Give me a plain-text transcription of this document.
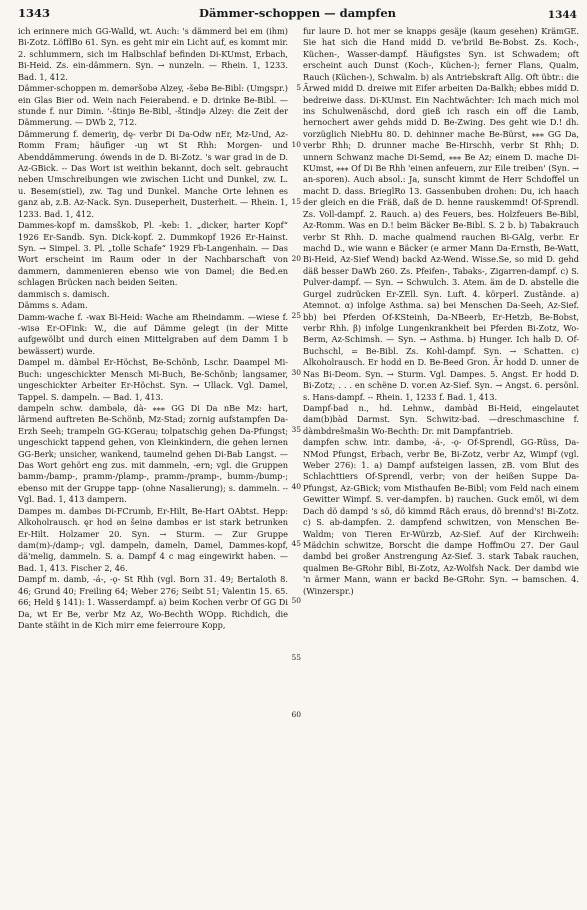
1343	Dämmer-schoppen — dampfen	1344

ich erinnere mich GG-Walld, wt. Auch: 's dämmerd bei em (ihm) Bi-Zotz. LöfflBo 61. Syn. es geht mir ein Licht auf, es kommt mir. 2. schlummern, sich im Halbschlaf befinden Di-KUmst, Erbach, Bi-Heid. Zs. ein-dämmern. Syn. → nunzeln. — Rhein. 1, 1233. Bad. 1, 412.

Dämmer-schoppen m. deməršobə Alzey, -šebə Be-Bibl: (Umgspr.) ein Glas Bier od. Wein nach Feierabend. e D. drinke Be-Bibl. —stunde f. nur Dimin. '-štinjə Be-Bibl, -štindjə Alzey: die Zeit der Dämmerung. — DWb 2, 712.

Dämmerung f. demeriŋ, dę- verbr Di Da-Odw nEr, Mz-Und, Az-Romm Fram; häufiger -uŋ wt St Rhh: Morgen- und Abenddämmerung. ówends in de D. Bi-Zotz. 's war grad in de D. Az-GBick. -- Das Wort ist weithin bekannt, doch selt. gebraucht neben Umschreibungen wie zwischen Licht und Dunkel, zw. L. u. Besem(stiel), zw. Tag und Dunkel. Manche Orte lehnen es ganz ab, z.B. Az-Nack. Syn. Duseperheit, Dusterheit. — Rhein. 1, 1233. Bad. 1, 412.

Dammes-kopf m. damsškob, Pl. -keb: 1. „dicker, harter Kopf“ 1926 Er-Sandb. Syn. Dick-kopf. 2. Dummkopf 1926 Er-Hainst. Syn. → Simpel. 3. Pl. „tolle Schafe“ 1929 Fb-Langenhain. — Das Wort erscheint im Raum oder in der Nachbarschaft von dammern, dammenieren ebenso wie von Damel; die Bed.en schlagen Brücken nach beiden Seiten.

dammisch s. damisch.

Dämms s. Adam.

Damm-wache f. -wax Bi-Heid: Wache am Rheindamm. —wiese f. -wisə Er-OFink: W., die auf Dämme gelegt (in der Mitte aufgewölbt und durch einen Mittelgraben auf dem Damm 1 b bewässert) wurde.

Dampel m. dàmbəl Er-Höchst, Be-Schönb, Lschr. Daampel Mi-Buch: ungeschickter Mensch Mi-Buch, Be-Schönb; langsamer, ungeschickter Arbeiter Er-Höchst. Syn. → Ullack. Vgl. Damel, Tappel. S. dampeln. — Bad. 1, 413.

dampeln schw. dambələ, dà- ⁎⁎⁎ GG Di Da nBe Mz: hart, lärmend auftreten Be-Schönb, Mz-Stad; zornig aufstampfen Da-Erzh Seeh; trampeln GG-KGerau; tolpatschig gehen Da-Pfungst; ungeschickt tappend gehen, von Kleinkindern, die gehen lernen GG-Berk; unsicher, wankend, taumelnd gehen Di-Bab Langst. — Das Wort gehört eng zus. mit dammeln, -ern; vgl. die Gruppen bamm-/bamp-, pramm-/plamp-, pramm-/pramp-, bumm-/bump-; ebenso mit der Gruppe tapp- (ohne Nasalierung); s. dammeln. -- Vgl. Bad. 1, 413 dampern.

Dampes m. dambəs Di-FCrumb, Er-Hilt, Be-Hart OAbtst. Hepp: Alkoholrausch. ęr hod ən šeinə dambəs er ist stark betrunken Er-Hilt. Holzamer 20. Syn. → Sturm. — Zur Gruppe dam(m)-/damp-; vgl. dampeln, dameln, Damel, Dammes-kopf, dä'melig, dammeln. S. a. Dampf 4 c mag eingewirkt haben. — Bad. 1, 413. Fischer 2, 46.

Dampf m. damb, -á-, -ǫ- St Rhh (vgl. Born 31. 49; Bertaloth 8. 46; Grund 40; Freiling 64; Weber 276; Seibt 51; Valentin 15. 65. 66; Held § 141): 1. Wasserdampf. a) beim Kochen verbr Of GG Di Da, wt Er Be, verbr Mz Az, Wo-Bechth WOpp. Richdich, die Dante stäiht in de Kich mirr eme feierroure Kopp,

5
10
15
20
25
30
35
40
45
50
55
60

fur laure D. hot mer se knapps gesäje (kaum gesehen) KrämGE. Sie hat sich die Hand midd D. ve'brild Be-Bobst. Zs. Koch-, Küchen-, Wasser-dampf. Häufigstes Syn. ist Schwadem; oft erscheint auch Dunst (Koch-, Küchen-); ferner Flans, Qualm, Rauch (Küchen-), Schwalm. b) als Antriebskraft Allg. Oft übtr.: die Ärwed midd D. dreiwe mit Eifer arbeiten Da-Balkh; ebbes midd D. bedreiwe dass. Di-KUmst. Ein Nachtwächter: Ich mach mich mol ins Schulwenäschd, dord gieß ich rasch ein off die Lamb, hernochert awer gehds midd D. Be-Zwing. Des geht wie D.! dh. vorzüglich NiebHu 80. D. dehinner mache Be-Bürst, ⁎⁎⁎ GG Da, verbr Rhh; D. drunner mache Be-Hirschh, verbr St Rhh; D. unnern Schwanz mache Di-Semd, ⁎⁎⁎ Be Az; einem D. mache Di-KUmst, ⁎⁎⁎ Of Di Be Rhh 'einen anfeuern, zur Eile treiben' (Syn. → an-sporen). Auch absol.: Ja, sunscht kimmt de Herr Schdoffel un macht D. dass. BrieglRo 13. Gassenbuben drohen: Du, ich haach der gleich en die Fräß, daß de D. henne rauskemmd! Of-Sprendl. Zs. Voll-dampf. 2. Rauch. a) des Feuers, bes. Holzfeuers Be-Bibl, Az-Romm. Was en D.! beim Bäcker Be-Bibl. S. 2 b. b) Tabakrauch verbr St Rhh. D. mache qualmend rauchen Bi-GAlg, verbr. Er machd D., wie wann e Bäcker (e armer Mann Da-Ernsth, Be-Watt, Bi-Heid, Az-Sief Wend) backd Az-Wend. Wisse.Se, so mid D. gehd däß besser DaWb 260. Zs. Pfeifen-, Tabaks-, Zigarren-dampf. c) S. Pulver-dampf. — Syn. → Schwulch. 3. Atem. äm de D. abstelle die Gurgel zudrücken Er-ZEll. Syn. Luft. 4. körperl. Zustände. a) Atemnot. α) infolge Asthma. sa) bei Menschen Da-Seeh, Az-Sief. bb) bei Pferden Of-KSteinh, Da-NBeerb, Er-Hetzb, Be-Bobst, verbr Rhh. β) infolge Lungenkrankheit bei Pferden Bi-Zotz, Wo-Berm, Az-Schimsh. — Syn. → Asthma. b) Hunger. Ich halb D. Of-Buchschl, = Be-Bibl. Zs. Kohl-dampf. Syn. → Schatten. c) Alkoholrausch. Er hodd en D. Be-Beed Gron. Är hodd D. unner de Nas Bi-Deom. Syn. → Sturm. Vgl. Dampes. 5. Angst. Er hodd D. Bi-Zotz; . . . en schëne D. vor.en Az-Sief. Syn. → Angst. 6. persönl. s. Hans-dampf. -- Rhein. 1, 1233 f. Bad. 1, 413.

Dampf-bad n., hd. Lehnw., dambàd Bi-Heid, eingelautet dam(b)bàd Darmst. Syn. Schwitz-bad. —dreschmaschine f. dàmbdrešmašin Wo-Bechth: Dr. mit Dampfantrieb.

dampfen schw. intr. dambə, -á-, -ǫ- Of-Sprendl, GG-Rüss, Da-NMod Pfungst, Erbach, verbr Be, Bi-Zotz, verbr Az, Wimpf (vgl. Weber 276): 1. a) Dampf aufsteigen lassen, zB. vom Blut des Schlachttiers Of-Sprendl, verbr; von der heißen Suppe Da-Pfungst, Az-GBick; vom Misthaufen Be-Bibl; vom Feld nach einem Gewitter Wimpf. S. ver-dampfen. b) rauchen. Guck emöl, wi dem Dach dö dampd 's sö, dö kimmd Räch eraus, dö brennd's! Bi-Zotz. c) S. ab-dampfen. 2. dampfend schwitzen, von Menschen Be-Waldm; von Tieren Er-Würzb, Az-Sief. Auf der Kirchweih: Mädchin schwitze, Borscht die dampe HoffmOu 27. Der Gaul dambd bei großer Anstrengung Az-Sief. 3. stark Tabak rauchen, qualmen Be-GRohr Bibl, Bi-Zotz, Az-Wolfsh Nack. Der dambd wie 'n ärmer Mann, wann er backd Be-GRohr. Syn. → bamschen. 4. (Winzerspr.)
